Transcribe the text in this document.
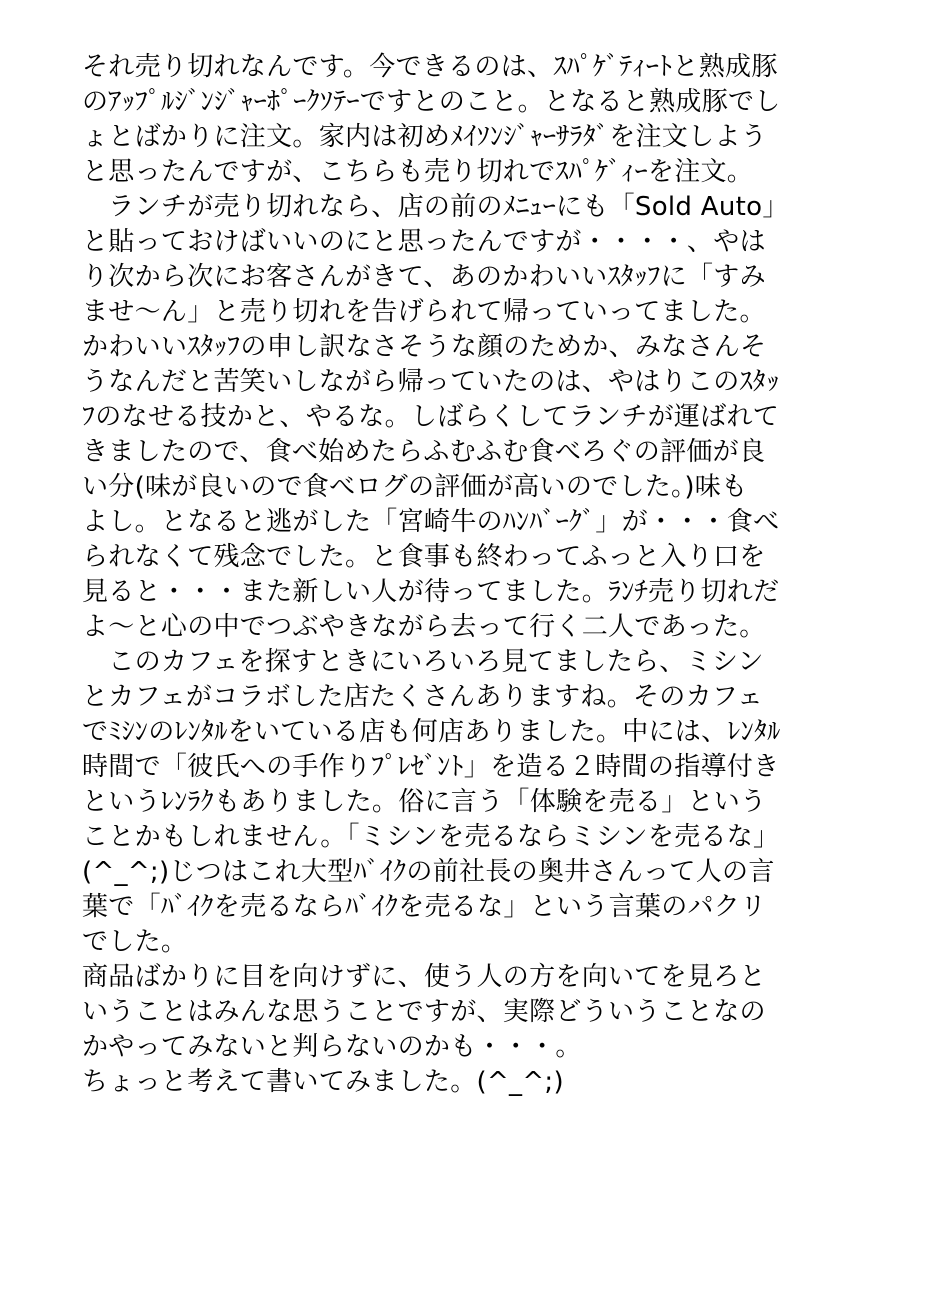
それ売り切れなんです。今できるのは、ｽﾊﾟｹﾞﾃｨｰﾄと熟成豚
のｱｯﾌﾟﾙｼﾞﾝｼﾞｬｰﾎﾟｰｸｿﾃｰですとのこと。となると熟成豚でし
ょとばかりに注文。家内は初めﾒｲｿﾝｼﾞｬｰｻﾗﾀﾞを注文しよう
と思ったんですが、こちらも売り切れでｽﾊﾟｹﾞｨｰを注文。
　ランチが売り切れなら、店の前のﾒﾆｭｰにも「Sold Auto」
と貼っておけばいいのにと思ったんですが・・・・、やは
り次から次にお客さんがきて、あのかわいいｽﾀｯﾌに「すみ
ませ～ん」と売り切れを告げられて帰っていってました。
かわいいｽﾀｯﾌの申し訳なさそうな顔のためか、みなさんそ
うなんだと苦笑いしながら帰っていたのは、やはりこのｽﾀｯ
ﾌのなせる技かと、やるな。しばらくしてランチが運ばれて
きましたので、食べ始めたらふむふむ食べろぐの評価が良
い分(味が良いので食べログの評価が高いのでした。)味も
よし。となると逃がした「宮崎牛のﾊﾝﾊﾞｰｸﾞ」が・・・食べ
られなくて残念でした。と食事も終わってふっと入り口を
見ると・・・また新しい人が待ってました。ﾗﾝﾁ売り切れだ
よ～と心の中でつぶやきながら去って行く二人であった。
　このカフェを探すときにいろいろ見てましたら、ミシン
とカフェがコラボした店たくさんありますね。そのカフェ
でﾐｼﾝのﾚﾝﾀﾙをいている店も何店ありました。中には、ﾚﾝﾀﾙ
時間で「彼氏への手作りﾌﾟﾚｾﾞﾝﾄ」を造る２時間の指導付き
というﾚﾝﾗｸもありました。俗に言う「体験を売る」という
ことかもしれません。｢ミシンを売るならミシンを売るな｣
(^_^;)じつはこれ大型ﾊﾞｲｸの前社長の奥井さんって人の言
葉で「ﾊﾞｲｸを売るならﾊﾞｲｸを売るな」という言葉のパクリ
でした。
商品ばかりに目を向けずに、使う人の方を向いてを見ろと
いうことはみんな思うことですが、実際どういうことなの
かやってみないと判らないのかも・・・。
ちょっと考えて書いてみました。(^_^;)
